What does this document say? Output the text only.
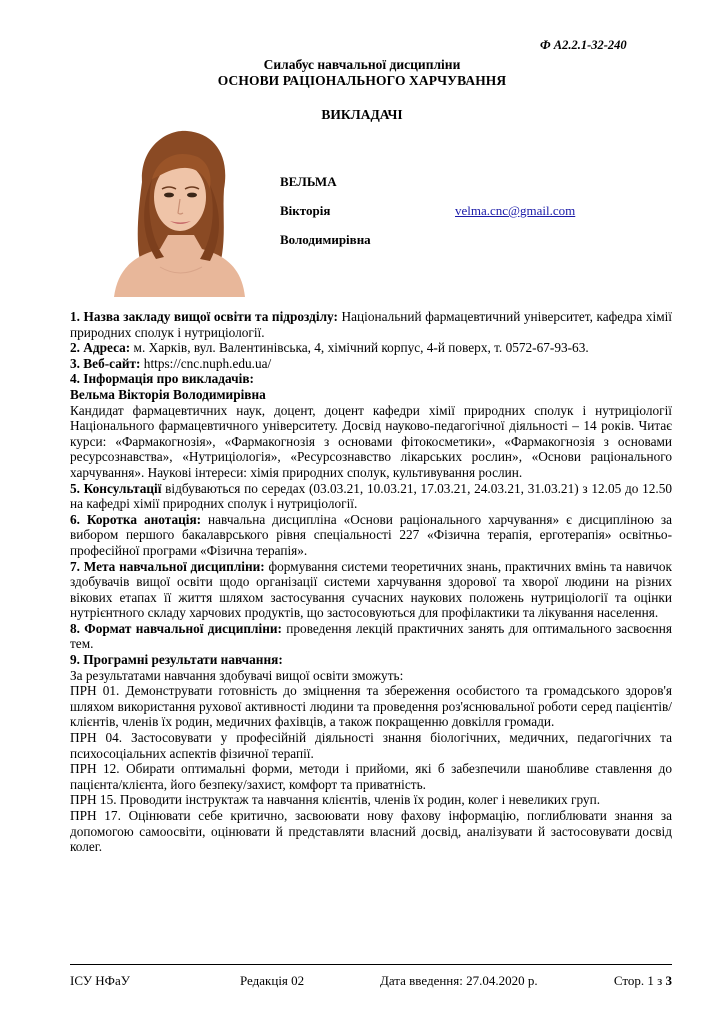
Ф А2.2.1-32-240
Силабус навчальної дисципліни
ОСНОВИ РАЦІОНАЛЬНОГО ХАРЧУВАННЯ
ВИКЛАДАЧІ
ВЕЛЬМА
Вікторія
Володимирівна
velma.cnc@gmail.com

1. Назва закладу вищої освіти та підрозділу: Національний фармацевтичний університет, кафедра хімії природних сполук і нутриціології.

2. Адреса: м. Харків, вул. Валентинівська, 4, хімічний корпус, 4-й поверх, т. 0572-67-93-63.

3. Веб-сайт: https://cnc.nuph.edu.ua/

4. Інформація про викладачів:

Вельма Вікторія Володимирівна

Кандидат фармацевтичних наук, доцент, доцент кафедри хімії природних сполук і нутриціології Національного фармацевтичного університету. Досвід науково-педагогічної діяльності – 14 років. Читає курси: «Фармакогнозія», «Фармакогнозія з основами фітокосметики», «Фармакогнозія з основами ресурсознавства», «Нутриціологія», «Ресурсознавство лікарських рослин», «Основи раціонального харчування». Наукові інтереси: хімія природних сполук, культивування рослин.

5. Консультації відбуваються по середах (03.03.21, 10.03.21, 17.03.21, 24.03.21, 31.03.21) з 12.05 до 12.50 на кафедрі хімії природних сполук і нутриціології.

6. Коротка анотація: навчальна дисципліна «Основи раціонального харчування» є дисципліною за вибором першого бакалаврського рівня спеціальності 227 «Фізична терапія, ерготерапія» освітньо-професійної програми «Фізична терапія».

7. Мета навчальної дисципліни: формування системи теоретичних знань, практичних вмінь та навичок здобувачів вищої освіти щодо організації системи харчування здорової та хворої людини на різних вікових етапах її життя шляхом застосування сучасних наукових положень нутриціології та оцінки нутрієнтного складу харчових продуктів, що застосовуються для профілактики та лікування населення.

8. Формат навчальної дисципліни: проведення лекцій практичних занять для оптимального засвоєння тем.

9. Програмні результати навчання:

За результатами навчання здобувачі вищої освіти зможуть:

ПРН 01. Демонструвати готовність до зміцнення та збереження особистого та громадського здоров'я шляхом використання рухової активності людини та проведення роз'яснювальної роботи серед пацієнтів/клієнтів, членів їх родин, медичних фахівців, а також покращенню довкілля громади.

ПРН 04. Застосовувати у професійній діяльності знання біологічних, медичних, педагогічних та психосоціальних аспектів фізичної терапії.

ПРН 12. Обирати оптимальні форми, методи і прийоми, які б забезпечили шанобливе ставлення до пацієнта/клієнта, його безпеку/захист, комфорт та приватність.

ПРН 15. Проводити інструктаж та навчання клієнтів, членів їх родин, колег і невеликих груп.

ПРН 17. Оцінювати себе критично, засвоювати нову фахову інформацію, поглиблювати знання за допомогою самоосвіти, оцінювати й представляти власний досвід, аналізувати й застосовувати досвід колег.

ІСУ НФаУ	Редакція 02	Дата введення: 27.04.2020 р.	Стор. 1 з 3
